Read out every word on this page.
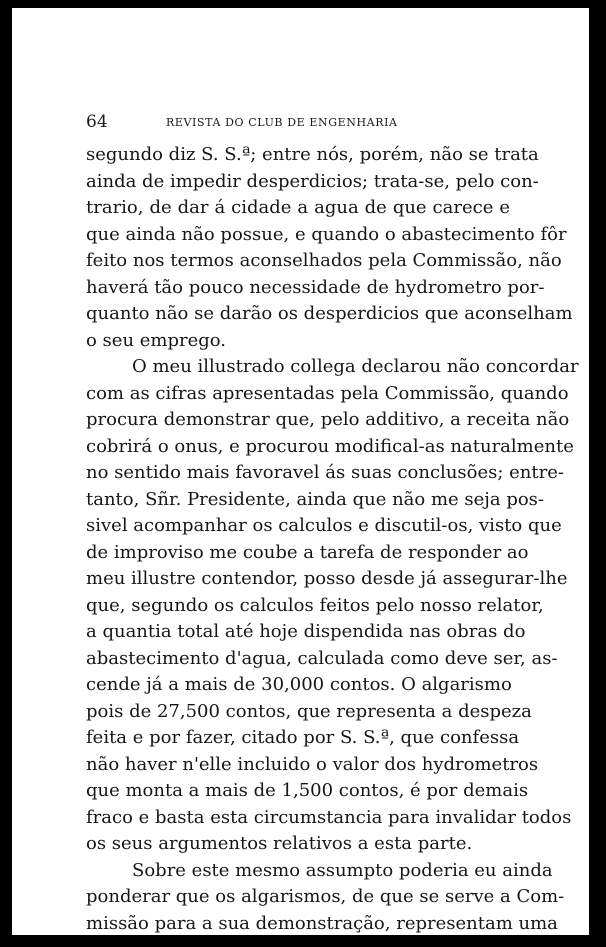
64	REVISTA DO CLUB DE ENGENHARIA
segundo diz S. S.ª; entre nós, porém, não se trata
ainda de impedir desperdicios; trata-se, pelo con-
trario, de dar á cidade a agua de que carece e
que ainda não possue, e quando o abastecimento fôr
feito nos termos aconselhados pela Commissão, não
haverá tão pouco necessidade de hydrometro por-
quanto não se darão os desperdicios que aconselham
o seu emprego.
O meu illustrado collega declarou não concordar
com as cifras apresentadas pela Commissão, quando
procura demonstrar que, pelo additivo, a receita não
cobrirá o onus, e procurou modifical-as naturalmente
no sentido mais favoravel ás suas conclusões; entre-
tanto, Sñr. Presidente, ainda que não me seja pos-
sivel acompanhar os calculos e discutil-os, visto que
de improviso me coube a tarefa de responder ao
meu illustre contendor, posso desde já assegurar-lhe
que, segundo os calculos feitos pelo nosso relator,
a quantia total até hoje dispendida nas obras do
abastecimento d'agua, calculada como deve ser, as-
cende já a mais de 30,000 contos. O algarismo
pois de 27,500 contos, que representa a despeza
feita e por fazer, citado por S. S.ª, que confessa
não haver n'elle incluido o valor dos hydrometros
que monta a mais de 1,500 contos, é por demais
fraco e basta esta circumstancia para invalidar todos
os seus argumentos relativos a esta parte.
Sobre este mesmo assumpto poderia eu ainda
ponderar que os algarismos, de que se serve a Com-
missão para a sua demonstração, representam uma
